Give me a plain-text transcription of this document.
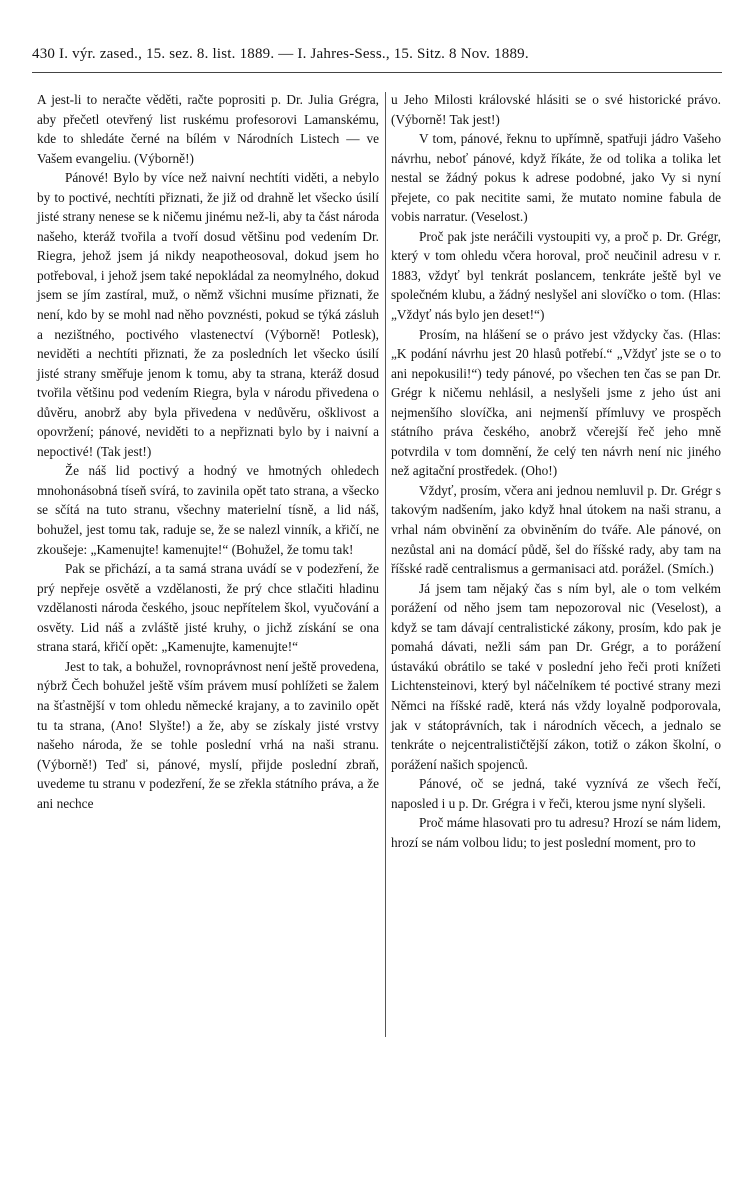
430 I. výr. zased., 15. sez. 8. list. 1889. — I. Jahres-Sess., 15. Sitz. 8 Nov. 1889.

A jest-li to neračte věděti, račte poprositi p. Dr. Julia Grégra, aby přečetl otevřený list ruskému profesorovi Lamanskému, kde to shledáte černé na bílém v Národních Listech — ve Vašem evangeliu. (Výborně!)

Pánové! Bylo by více než naivní nechtíti viděti, a nebylo by to poctivé, nechtíti přiznati, že již od drahně let všecko úsilí jisté strany nenese se k ničemu jinému než-li, aby ta část národa našeho, kteráž tvořila a tvoří dosud většinu pod vedením Dr. Riegra, jehož jsem já nikdy neapotheosoval, dokud jsem ho potřeboval, i jehož jsem také nepokládal za neomylného, dokud jsem se jím zastíral, muž, o němž všichni musíme přiznati, že není, kdo by se mohl nad něho povznésti, pokud se týká zásluh a nezištného, poctivého vlastenectví (Výborně! Potlesk), neviděti a nechtíti přiznati, že za posledních let všecko úsilí jisté strany směřuje jenom k tomu, aby ta strana, kteráž dosud tvořila většinu pod vedením Riegra, byla v národu přivedena o důvěru, anobrž aby byla přivedena v nedůvěru, ošklivost a opovržení; pánové, neviděti to a nepřiznati bylo by i naivní a nepoctivé! (Tak jest!)

Že náš lid poctivý a hodný ve hmotných ohledech mnohonásobná tíseň svírá, to zavinila opět tato strana, a všecko se sčítá na tuto stranu, všechny materielní tísně, a lid náš, bohužel, jest tomu tak, raduje se, že se nalezl vinník, a křičí, ne zkoušeje: „Kamenujte! kamenujte!“ (Bohužel, že tomu tak!

Pak se přichází, a ta samá strana uvádí se v podezření, že prý nepřeje osvětě a vzdělanosti, že prý chce stlačiti hladinu vzdělanosti národa českého, jsouc nepřítelem škol, vyučování a osvěty. Lid náš a zvláště jisté kruhy, o jichž získání se ona strana stará, křičí opět: „Kamenujte, kamenujte!“

Jest to tak, a bohužel, rovnoprávnost není ještě provedena, nýbrž Čech bohužel ještě vším právem musí pohlížeti se žalem na šťastnější v tom ohledu německé krajany, a to zavinilo opět tu ta strana, (Ano! Slyšte!) a že, aby se získaly jisté vrstvy našeho národa, že se tohle poslední vrhá na naši stranu. (Výborně!) Teď si, pánové, myslí, přijde poslední zbraň, uvedeme tu stranu v podezření, že se zřekla státního práva, a že ani nechce

u Jeho Milosti královské hlásiti se o své historické právo. (Výborně! Tak jest!)

V tom, pánové, řeknu to upřímně, spatřuji jádro Vašeho návrhu, neboť pánové, když říkáte, že od tolika a tolika let nestal se žádný pokus k adrese podobné, jako Vy si nyní přejete, co pak necitite sami, že mutato nomine fabula de vobis narratur. (Veselost.)

Proč pak jste neráčili vystoupiti vy, a proč p. Dr. Grégr, který v tom ohledu včera horoval, proč neučinil adresu v r. 1883, vždyť byl tenkrát poslancem, tenkráte ještě byl ve společném klubu, a žádný neslyšel ani slovíčko o tom. (Hlas: „Vždyť nás bylo jen deset!“)

Prosím, na hlášení se o právo jest vždycky čas. (Hlas: „K podání návrhu jest 20 hlasů potřebí.“ „Vždyť jste se o to ani nepokusili!“) tedy pánové, po všechen ten čas se pan Dr. Grégr k ničemu nehlásil, a neslyšeli jsme z jeho úst ani nejmenšího slovíčka, ani nejmenší přímluvy ve prospěch státního práva českého, anobrž včerejší řeč jeho mně potvrdila v tom domnění, že celý ten návrh není nic jiného než agitační prostředek. (Oho!)

Vždyť, prosím, včera ani jednou nemluvil p. Dr. Grégr s takovým nadšením, jako když hnal útokem na naši stranu, a vrhal nám obvinění za obviněním do tváře. Ale pánové, on nezůstal ani na domácí půdě, šel do říšské rady, aby tam na říšské radě centralismus a germanisaci atd. porážel. (Smích.)

Já jsem tam nějaký čas s ním byl, ale o tom velkém porážení od něho jsem tam nepozoroval nic (Veselost), a když se tam dávají centralistické zákony, prosím, kdo pak je pomahá dávati, nežli sám pan Dr. Grégr, a to porážení ústavákú obrátilo se také v poslední jeho řeči proti knížeti Lichtensteinovi, který byl náčelníkem té poctivé strany mezi Němci na říšské radě, která nás vždy loyalně podporovala, jak v státoprávních, tak i národních věcech, a jednalo se tenkráte o nejcentralističtější zákon, totiž o zákon školní, o porážení našich spojenců.

Pánové, oč se jedná, také vyznívá ze všech řečí, naposled i u p. Dr. Grégra i v řeči, kterou jsme nyní slyšeli.

Proč máme hlasovati pro tu adresu? Hrozí se nám lidem, hrozí se nám volbou lidu; to jest poslední moment, pro to
